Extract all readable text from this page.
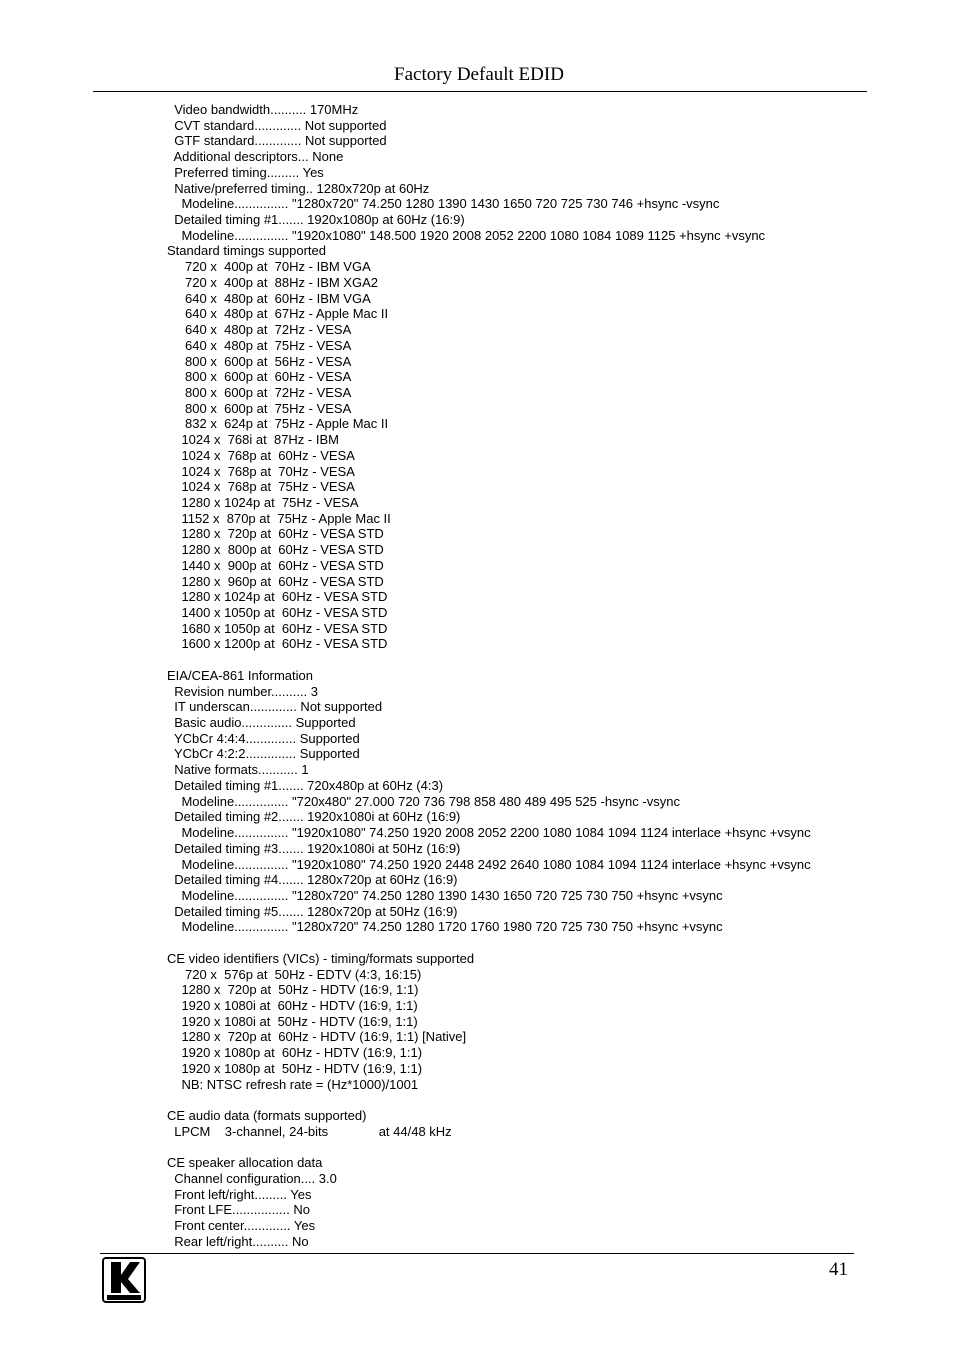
Factory Default EDID
Video bandwidth.......... 170MHz
CVT standard............. Not supported
GTF standard............. Not supported
Additional descriptors... None
Preferred timing......... Yes
Native/preferred timing.. 1280x720p at 60Hz
Modeline............... "1280x720" 74.250 1280 1390 1430 1650 720 725 730 746 +hsync -vsync
Detailed timing #1....... 1920x1080p at 60Hz (16:9)
Modeline............... "1920x1080" 148.500 1920 2008 2052 2200 1080 1084 1089 1125 +hsync +vsync
Standard timings supported
720 x  400p at  70Hz - IBM VGA
720 x  400p at  88Hz - IBM XGA2
640 x  480p at  60Hz - IBM VGA
640 x  480p at  67Hz - Apple Mac II
640 x  480p at  72Hz - VESA
640 x  480p at  75Hz - VESA
800 x  600p at  56Hz - VESA
800 x  600p at  60Hz - VESA
800 x  600p at  72Hz - VESA
800 x  600p at  75Hz - VESA
832 x  624p at  75Hz - Apple Mac II
1024 x  768i at  87Hz - IBM
1024 x  768p at  60Hz - VESA
1024 x  768p at  70Hz - VESA
1024 x  768p at  75Hz - VESA
1280 x 1024p at  75Hz - VESA
1152 x  870p at  75Hz - Apple Mac II
1280 x  720p at  60Hz - VESA STD
1280 x  800p at  60Hz - VESA STD
1440 x  900p at  60Hz - VESA STD
1280 x  960p at  60Hz - VESA STD
1280 x 1024p at  60Hz - VESA STD
1400 x 1050p at  60Hz - VESA STD
1680 x 1050p at  60Hz - VESA STD
1600 x 1200p at  60Hz - VESA STD
EIA/CEA-861 Information
Revision number.......... 3
IT underscan............. Not supported
Basic audio.............. Supported
YCbCr 4:4:4.............. Supported
YCbCr 4:2:2.............. Supported
Native formats........... 1
Detailed timing #1....... 720x480p at 60Hz (4:3)
Modeline............... "720x480" 27.000 720 736 798 858 480 489 495 525 -hsync -vsync
Detailed timing #2....... 1920x1080i at 60Hz (16:9)
Modeline............... "1920x1080" 74.250 1920 2008 2052 2200 1080 1084 1094 1124 interlace +hsync +vsync
Detailed timing #3....... 1920x1080i at 50Hz (16:9)
Modeline............... "1920x1080" 74.250 1920 2448 2492 2640 1080 1084 1094 1124 interlace +hsync +vsync
Detailed timing #4....... 1280x720p at 60Hz (16:9)
Modeline............... "1280x720" 74.250 1280 1390 1430 1650 720 725 730 750 +hsync +vsync
Detailed timing #5....... 1280x720p at 50Hz (16:9)
Modeline............... "1280x720" 74.250 1280 1720 1760 1980 720 725 730 750 +hsync +vsync
CE video identifiers (VICs) - timing/formats supported
720 x  576p at  50Hz - EDTV (4:3, 16:15)
1280 x  720p at  50Hz - HDTV (16:9, 1:1)
1920 x 1080i at  60Hz - HDTV (16:9, 1:1)
1920 x 1080i at  50Hz - HDTV (16:9, 1:1)
1280 x  720p at  60Hz - HDTV (16:9, 1:1) [Native]
1920 x 1080p at  60Hz - HDTV (16:9, 1:1)
1920 x 1080p at  50Hz - HDTV (16:9, 1:1)
NB: NTSC refresh rate = (Hz*1000)/1001
CE audio data (formats supported)
LPCM    3-channel, 24-bits              at 44/48 kHz
CE speaker allocation data
Channel configuration.... 3.0
Front left/right......... Yes
Front LFE................ No
Front center............. Yes
Rear left/right.......... No
41
